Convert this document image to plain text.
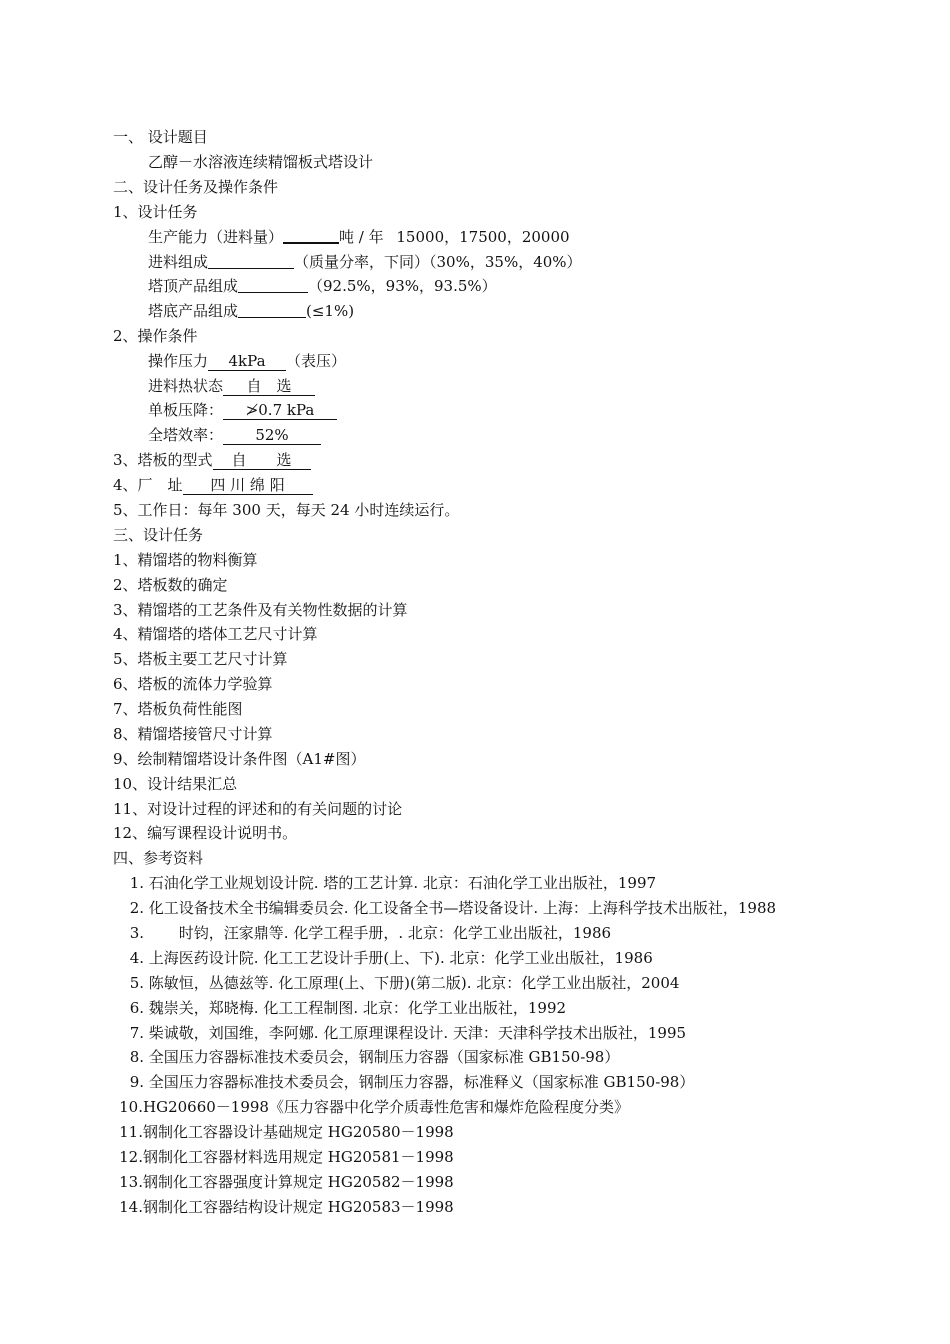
一、 设计题目
乙醇－水溶液连续精馏板式塔设计
二、设计任务及操作条件
1、设计任务
生产能力（进料量）	吨 / 年 15000，17500，20000
进料组成	（质量分率，下同）（30%，35%，40%）
塔顶产品组成	（92.5%，93%，93.5%）
塔底产品组成	(≤1%)
2、操作条件
操作压力 4kPa （表压）
进料热状态 自　选
单板压降： ≯0.7 kPa
全塔效率： 52%
3、塔板的型式 自　　选
4、厂　址 四 川 绵 阳
5、工作日：每年 300 天，每天 24 小时连续运行。
三、设计任务
1、精馏塔的物料衡算
2、塔板数的确定
3、精馏塔的工艺条件及有关物性数据的计算
4、精馏塔的塔体工艺尺寸计算
5、塔板主要工艺尺寸计算
6、塔板的流体力学验算
7、塔板负荷性能图
8、精馏塔接管尺寸计算
9、绘制精馏塔设计条件图（A1#图）
10、设计结果汇总
11、对设计过程的评述和的有关问题的讨论
12、编写课程设计说明书。
四、参考资料
1. 石油化学工业规划设计院. 塔的工艺计算. 北京：石油化学工业出版社，1997
2. 化工设备技术全书编辑委员会. 化工设备全书—塔设备设计. 上海：上海科学技术出版社，1988
3. 　　时钧，汪家鼎等. 化学工程手册，. 北京：化学工业出版社，1986
4. 上海医药设计院. 化工工艺设计手册(上、下). 北京：化学工业出版社，1986
5. 陈敏恒，丛德兹等. 化工原理(上、下册)(第二版). 北京：化学工业出版社，2004
6. 魏崇关，郑晓梅. 化工工程制图. 北京：化学工业出版社，1992
7. 柴诚敬，刘国维，李阿娜. 化工原理课程设计. 天津：天津科学技术出版社，1995
8. 全国压力容器标准技术委员会，钢制压力容器（国家标准 GB150-98）
9. 全国压力容器标准技术委员会，钢制压力容器，标准释义（国家标准 GB150-98）
10.HG20660－1998《压力容器中化学介质毒性危害和爆炸危险程度分类》
11.钢制化工容器设计基础规定 HG20580－1998
12.钢制化工容器材料选用规定 HG20581－1998
13.钢制化工容器强度计算规定 HG20582－1998
14.钢制化工容器结构设计规定 HG20583－1998
